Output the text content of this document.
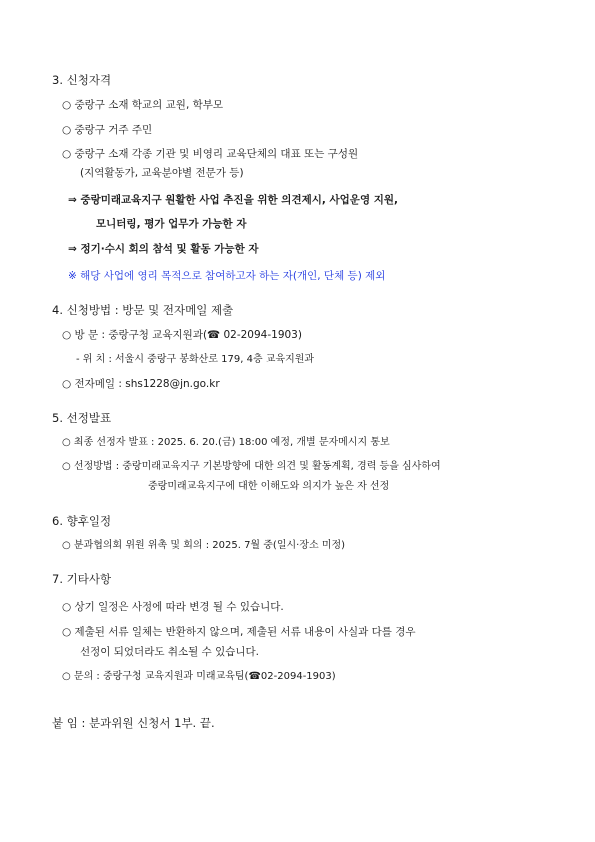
3. 신청자격
○ 중랑구 소재 학교의 교원, 학부모
○ 중랑구 거주 주민
○ 중랑구 소재 각종 기관 및 비영리 교육단체의 대표 또는 구성원
(지역활동가, 교육분야별 전문가 등)
⇒ 중랑미래교육지구 원활한 사업 추진을 위한 의견제시, 사업운영 지원,
모니터링, 평가 업무가 가능한 자
⇒ 정기·수시 회의 참석 및 활동 가능한 자
※ 해당 사업에 영리 목적으로 참여하고자 하는 자(개인, 단체 등) 제외
4. 신청방법 : 방문 및 전자메일 제출
○ 방 문 : 중랑구청 교육지원과(☎ 02-2094-1903)
- 위 치 : 서울시 중랑구 봉화산로 179, 4층 교육지원과
○ 전자메일 : shs1228@jn.go.kr
5. 선정발표
○ 최종 선정자 발표 : 2025. 6. 20.(금) 18:00 예정, 개별 문자메시지 통보
○ 선정방법 : 중랑미래교육지구 기본방향에 대한 의견 및 활동계획, 경력 등을 심사하여
중랑미래교육지구에 대한 이해도와 의지가 높은 자 선정
6. 향후일정
○ 분과협의회 위원 위촉 및 회의 : 2025. 7월 중(일시·장소 미정)
7. 기타사항
○ 상기 일정은 사정에 따라 변경 될 수 있습니다.
○ 제출된 서류 일체는 반환하지 않으며, 제출된 서류 내용이 사실과 다를 경우
선정이 되었더라도 취소될 수 있습니다.
○ 문의 : 중랑구청 교육지원과 미래교육팀(☎02-2094-1903)
붙 임 : 분과위원 신청서 1부. 끝.
